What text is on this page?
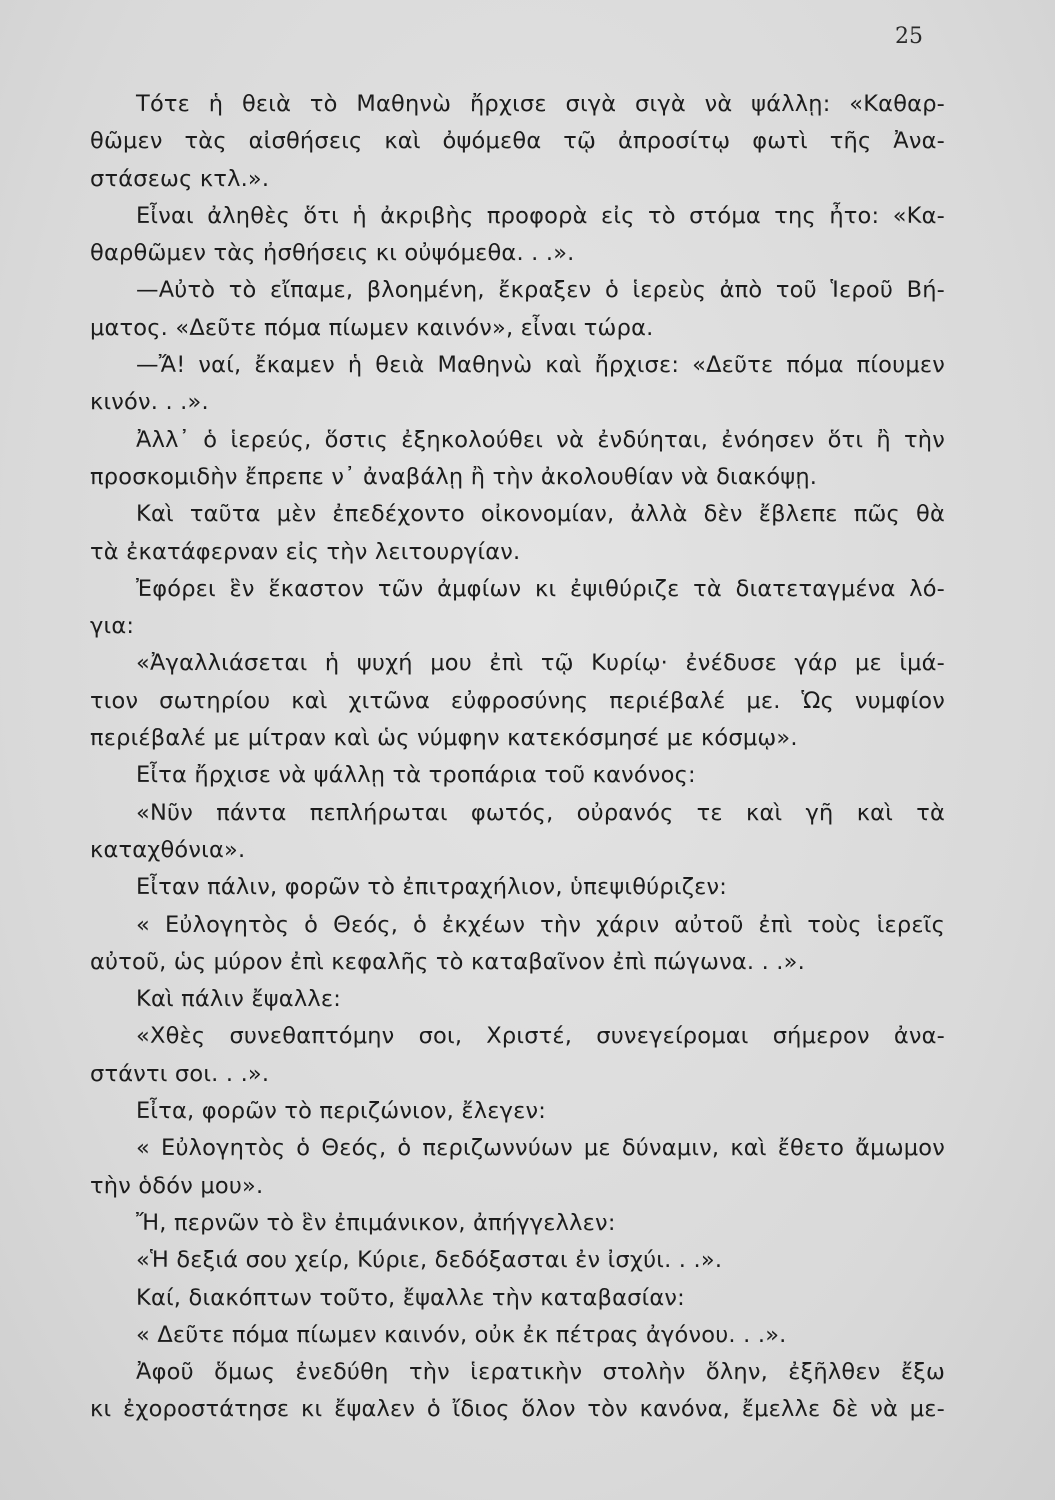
25
Τότε ἡ θειὰ τὸ Μαθηνὼ ἤρχισε σιγὰ σιγὰ νὰ ψάλλῃ: «Καθαρ-
θῶμεν τὰς αἰσθήσεις καὶ ὀψόμεθα τῷ ἀπροσίτῳ φωτὶ τῆς Ἀνα-
στάσεως κτλ.».
Εἶναι ἀληθὲς ὅτι ἡ ἀκριβὴς προφορὰ εἰς τὸ στόμα της ἦτο: «Κα-
θαρθῶμεν τὰς ἠσθήσεις κι οὐψόμεθα. . .».
—Αὐτὸ τὸ εἴπαμε, βλοημένη, ἔκραξεν ὁ ἱερεὺς ἀπὸ τοῦ Ἱεροῦ Βή-
ματος. «Δεῦτε πόμα πίωμεν καινόν», εἶναι τώρα.
—Ἄ! ναί, ἔκαμεν ἡ θειὰ Μαθηνὼ καὶ ἤρχισε: «Δεῦτε πόμα πίουμεν
κινόν. . .».
Ἀλλ᾽ ὁ ἱερεύς, ὅστις ἐξηκολούθει νὰ ἐνδύηται, ἐνόησεν ὅτι ἢ τὴν
προσκομιδὴν ἔπρεπε ν᾽ ἀναβάλῃ ἢ τὴν ἀκολουθίαν νὰ διακόψῃ.
Καὶ ταῦτα μὲν ἐπεδέχοντο οἰκονομίαν, ἀλλὰ δὲν ἔβλεπε πῶς θὰ
τὰ ἐκατάφερναν εἰς τὴν λειτουργίαν.
Ἐφόρει ἓν ἕκαστον τῶν ἀμφίων κι ἐψιθύριζε τὰ διατεταγμένα λό-
για:
«Ἀγαλλιάσεται ἡ ψυχή μου ἐπὶ τῷ Κυρίῳ· ἐνέδυσε γάρ με ἱμά-
τιον σωτηρίου καὶ χιτῶνα εὐφροσύνης περιέβαλέ με. Ὡς νυμφίον
περιέβαλέ με μίτραν καὶ ὡς νύμφην κατεκόσμησέ με κόσμῳ».
Εἶτα ἤρχισε νὰ ψάλλῃ τὰ τροπάρια τοῦ κανόνος:
«Νῦν πάντα πεπλήρωται φωτός, οὐρανός τε καὶ γῆ καὶ τὰ
καταχθόνια».
Εἶταν πάλιν, φορῶν τὸ ἐπιτραχήλιον, ὑπεψιθύριζεν:
« Εὐλογητὸς ὁ Θεός, ὁ ἐκχέων τὴν χάριν αὐτοῦ ἐπὶ τοὺς ἱερεῖς
αὐτοῦ, ὡς μύρον ἐπὶ κεφαλῆς τὸ καταβαῖνον ἐπὶ πώγωνα. . .».
Καὶ πάλιν ἔψαλλε:
«Χθὲς συνεθαπτόμην σοι, Χριστέ, συνεγείρομαι σήμερον ἀνα-
στάντι σοι. . .».
Εἶτα, φορῶν τὸ περιζώνιον, ἔλεγεν:
« Εὐλογητὸς ὁ Θεός, ὁ περιζωννύων με δύναμιν, καὶ ἔθετο ἄμωμον
τὴν ὁδόν μου».
Ἤ, περνῶν τὸ ἓν ἐπιμάνικον, ἀπήγγελλεν:
«Ἡ δεξιά σου χείρ, Κύριε, δεδόξασται ἐν ἰσχύι. . .».
Καί, διακόπτων τοῦτο, ἔψαλλε τὴν καταβασίαν:
« Δεῦτε πόμα πίωμεν καινόν, οὐκ ἐκ πέτρας ἀγόνου. . .».
Ἀφοῦ ὅμως ἐνεδύθη τὴν ἱερατικὴν στολὴν ὅλην, ἐξῆλθεν ἔξω
κι ἐχοροστάτησε κι ἔψαλεν ὁ ἴδιος ὅλον τὸν κανόνα, ἔμελλε δὲ νὰ με-
